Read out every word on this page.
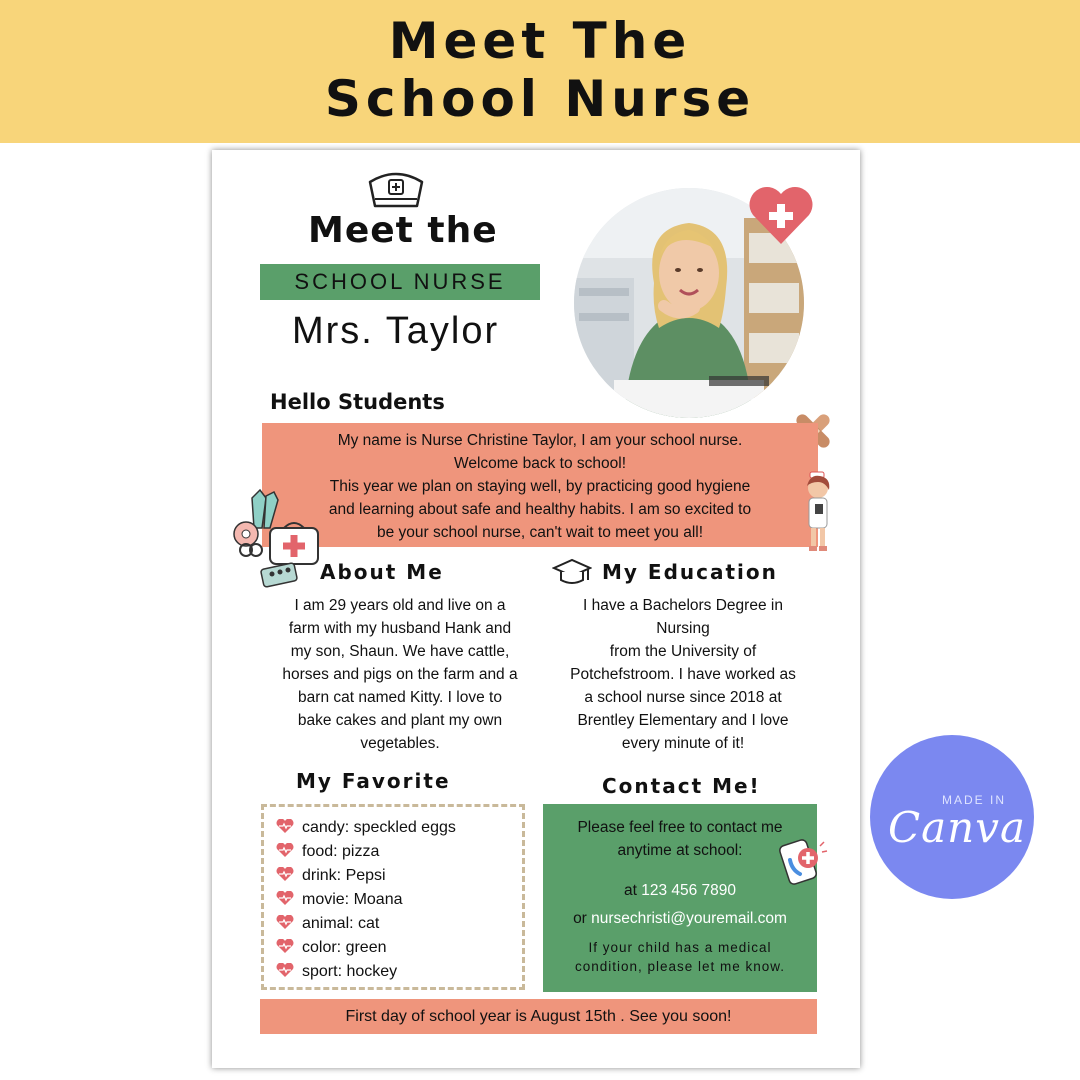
Meet The
School Nurse
Meet the
SCHOOL NURSE
Mrs. Taylor
Hello Students
My name is Nurse Christine Taylor, I am your school nurse.
Welcome back to school!
This year we plan on staying well, by practicing good hygiene
and learning about safe and healthy habits. I am so excited to
be your school nurse, can't wait to meet you all!
About Me
I am 29 years old and live on a
farm with my husband Hank and
my son, Shaun. We have cattle,
horses and pigs on the farm and a
barn cat named Kitty. I love to
bake cakes and plant my own
vegetables.
My Education
I have a Bachelors Degree in
Nursing
from the University of
Potchefstroom. I have worked as
a school nurse since 2018 at
Brentley Elementary and I love
every minute of it!
My Favorite
candy: speckled eggs
food: pizza
drink: Pepsi
movie: Moana
animal: cat
color: green
sport: hockey
Contact Me!
Please feel free to contact me
anytime at school:
at 123 456 7890
or nursechristi@youremail.com
If your child has a medical
condition, please let me know.
First day of school year is August 15th . See you soon!
MADE IN
Canva
